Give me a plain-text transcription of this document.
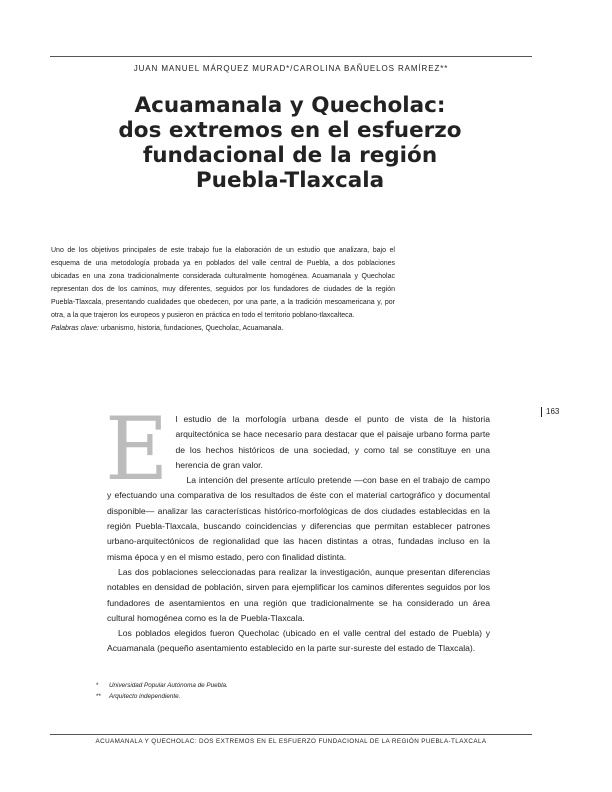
JUAN MANUEL MÁRQUEZ MURAD*/CAROLINA BAÑUELOS RAMÍREZ**
Acuamanala y Quecholac:
dos extremos en el esfuerzo
fundacional de la región
Puebla-Tlaxcala

Uno de los objetivos principales de este trabajo fue la elaboración de un estudio que analizara, bajo el esquema de una metodología probada ya en poblados del valle central de Puebla, a dos poblaciones ubicadas en una zona tradicionalmente considerada culturalmente homogénea. Acuamanala y Quecholac representan dos de los caminos, muy diferentes, seguidos por los fundadores de ciudades de la región Puebla-Tlaxcala, presentando cualidades que obedecen, por una parte, a la tradición mesoamericana y, por otra, a la que trajeron los europeos y pusieron en práctica en todo el territorio poblano-tlaxcalteca.

Palabras clave: urbanismo, historia, fundaciones, Quecholac, Acuamanala.

163
E l estudio de la morfología urbana desde el punto de vista de la historia arquitectónica se hace necesario para destacar que el paisaje urbano forma parte de los hechos históricos de una sociedad, y como tal se constituye en una herencia de gran valor.

La intención del presente artículo pretende —con base en el trabajo de campo y efectuando una comparativa de los resultados de éste con el material cartográfico y documental disponible— analizar las características histórico-morfológicas de dos ciudades establecidas en la región Puebla-Tlaxcala, buscando coincidencias y diferencias que permitan establecer patrones urbano-arquitectónicos de regionalidad que las hacen distintas a otras, fundadas incluso en la misma época y en el mismo estado, pero con finalidad distinta.

Las dos poblaciones seleccionadas para realizar la investigación, aunque presentan diferencias notables en densidad de población, sirven para ejemplificar los caminos diferentes seguidos por los fundadores de asentamientos en una región que tradicionalmente se ha considerado un área cultural homogénea como es la de Puebla-Tlaxcala.

Los poblados elegidos fueron Quecholac (ubicado en el valle central del estado de Puebla) y Acuamanala (pequeño asentamiento establecido en la parte sur-sureste del estado de Tlaxcala).

* Universidad Popular Autónoma de Puebla.
** Arquitecto independiente.
ACUAMANALA Y QUECHOLAC: DOS EXTREMOS EN EL ESFUERZO FUNDACIONAL DE LA REGIÓN PUEBLA-TLAXCALA
